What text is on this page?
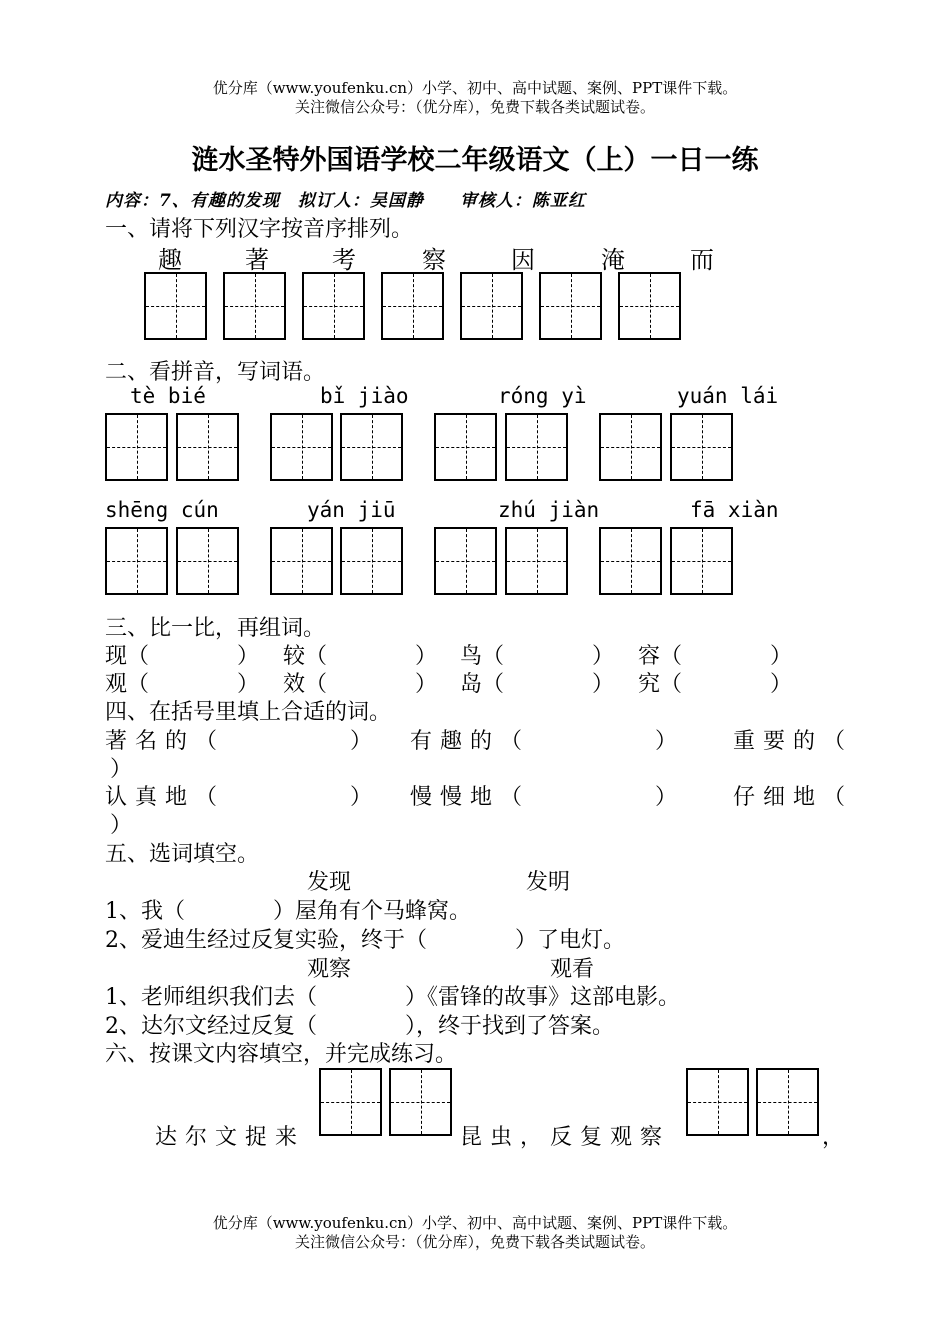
优分库（www.youfenku.cn）小学、初中、高中试题、案例、PPT课件下载。
关注微信公众号：（优分库），免费下载各类试题试卷。
涟水圣特外国语学校二年级语文（上）一日一练
内容：7、有趣的发现　拟订人：吴国静　　审核人：陈亚红
一、请将下列汉字按音序排列。
趣	著	考	察	因	淹	而
二、看拼音，写词语。
tè bié	bǐ jiào	róng yì	yuán lái
shēng cún	yán jiū	zhú jiàn	fā xiàn
三、比一比，再组词。
现（　　　　） 较（　　　　） 鸟（　　　　） 容（　　　　）
观（　　　　） 效（　　　　） 岛（　　　　） 究（　　　　）
四、在括号里填上合适的词。
著名的（	） 有趣的（	）	重要的（
）
认真地（	） 慢慢地（	）	仔细地（
）
五、选词填空。
发现	发明
1、我（　　　　）屋角有个马蜂窝。
2、爱迪生经过反复实验，终于（　　　　）了电灯。
观察	观看
1、老师组织我们去（　　　　）《雷锋的故事》这部电影。
2、达尔文经过反复（　　　　），终于找到了答案。
六、按课文内容填空，并完成练习。
达尔文捉来	昆虫，反复观察	，
优分库（www.youfenku.cn）小学、初中、高中试题、案例、PPT课件下载。
关注微信公众号：（优分库），免费下载各类试题试卷。
